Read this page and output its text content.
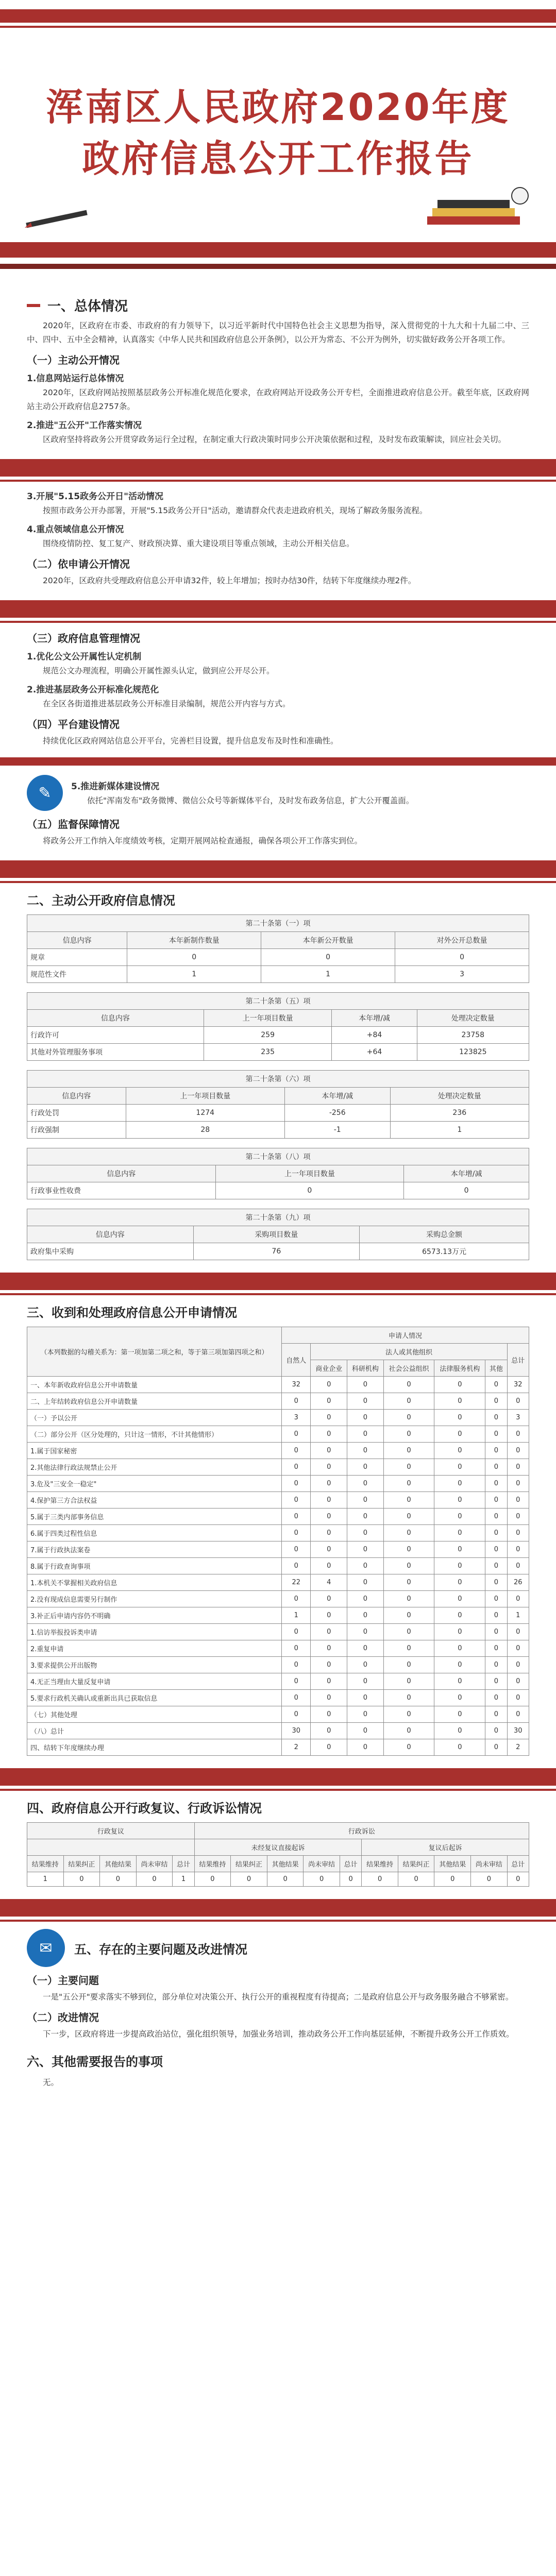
浑南区人民政府2020年度
政府信息公开工作报告
一、总体情况

2020年，区政府在市委、市政府的有力领导下，以习近平新时代中国特色社会主义思想为指导，深入贯彻党的十九大和十九届二中、三中、四中、五中全会精神，认真落实《中华人民共和国政府信息公开条例》，以公开为常态、不公开为例外，切实做好政务公开各项工作。

（一）主动公开情况
1.信息网站运行总体情况

2020年，区政府网站按照基层政务公开标准化规范化要求，在政府网站开设政务公开专栏，全面推进政府信息公开。截至年底，区政府网站主动公开政府信息2757条。

2.推进"五公开"工作落实情况

区政府坚持将政务公开贯穿政务运行全过程，在制定重大行政决策时同步公开决策依据和过程，及时发布政策解读，回应社会关切。

3.开展"5.15政务公开日"活动情况

按照市政务公开办部署，开展"5.15政务公开日"活动，邀请群众代表走进政府机关，现场了解政务服务流程。

4.重点领域信息公开情况

围绕疫情防控、复工复产、财政预决算、重大建设项目等重点领域，主动公开相关信息。

（二）依申请公开情况

2020年，区政府共受理政府信息公开申请32件，较上年增加；按时办结30件，结转下年度继续办理2件。

（三）政府信息管理情况
1.优化公文公开属性认定机制

规范公文办理流程，明确公开属性源头认定，做到应公开尽公开。

2.推进基层政务公开标准化规范化

在全区各街道推进基层政务公开标准目录编制，规范公开内容与方式。

（四）平台建设情况

持续优化区政府网站信息公开平台，完善栏目设置，提升信息发布及时性和准确性。

✎	5.推进新媒体建设情况

依托"浑南发布"政务微博、微信公众号等新媒体平台，及时发布政务信息，扩大公开覆盖面。

（五）监督保障情况

将政务公开工作纳入年度绩效考核，定期开展网站检查通报，确保各项公开工作落实到位。

二、主动公开政府信息情况
第二十条第（一）项			
信息内容	本年新制作数量	本年新公开数量	对外公开总数量
规章	0	0	0
规范性文件	1	1	3
第二十条第（五）项			
信息内容	上一年项目数量	本年增/减	处理决定数量
行政许可	259	+84	23758
其他对外管理服务事项	235	+64	123825
第二十条第（六）项			
信息内容	上一年项目数量	本年增/减	处理决定数量
行政处罚	1274	-256	236
行政强制	28	-1	1
第二十条第（八）项		
信息内容	上一年项目数量	本年增/减
行政事业性收费	0	0
第二十条第（九）项		
信息内容	采购项目数量	采购总金额
政府集中采购	76	6573.13万元
三、收到和处理政府信息公开申请情况
（本列数据的勾稽关系为：第一项加第二项之和，等于第三项加第四项之和）	申请人情况						
	自然人	法人或其他组织					总计
		商业企业	科研机构	社会公益组织	法律服务机构	其他	
一、本年新收政府信息公开申请数量	32	0	0	0	0	0	32
二、上年结转政府信息公开申请数量	0	0	0	0	0	0	0
（一）予以公开	3	0	0	0	0	0	3
（二）部分公开（区分处理的，只计这一情形，不计其他情形）	0	0	0	0	0	0	0
1.属于国家秘密	0	0	0	0	0	0	0
2.其他法律行政法规禁止公开	0	0	0	0	0	0	0
3.危及"三安全一稳定"	0	0	0	0	0	0	0
4.保护第三方合法权益	0	0	0	0	0	0	0
5.属于三类内部事务信息	0	0	0	0	0	0	0
6.属于四类过程性信息	0	0	0	0	0	0	0
7.属于行政执法案卷	0	0	0	0	0	0	0
8.属于行政查询事项	0	0	0	0	0	0	0
1.本机关不掌握相关政府信息	22	4	0	0	0	0	26
2.没有现成信息需要另行制作	0	0	0	0	0	0	0
3.补正后申请内容仍不明确	1	0	0	0	0	0	1
1.信访举报投诉类申请	0	0	0	0	0	0	0
2.重复申请	0	0	0	0	0	0	0
3.要求提供公开出版物	0	0	0	0	0	0	0
4.无正当理由大量反复申请	0	0	0	0	0	0	0
5.要求行政机关确认或重新出具已获取信息	0	0	0	0	0	0	0
（七）其他处理	0	0	0	0	0	0	0
（八）总计	30	0	0	0	0	0	30
四、结转下年度继续办理	2	0	0	0	0	0	2
四、政府信息公开行政复议、行政诉讼情况
行政复议					行政诉讼									
					未经复议直接起诉					复议后起诉				
结果维持	结果纠正	其他结果	尚未审结	总计	结果维持	结果纠正	其他结果	尚未审结	总计	结果维持	结果纠正	其他结果	尚未审结	总计
1	0	0	0	1	0	0	0	0	0	0	0	0	0	0
✉	五、存在的主要问题及改进情况
（一）主要问题

一是"五公开"要求落实不够到位，部分单位对决策公开、执行公开的重视程度有待提高；二是政府信息公开与政务服务融合不够紧密。

（二）改进情况

下一步，区政府将进一步提高政治站位，强化组织领导，加强业务培训，推动政务公开工作向基层延伸，不断提升政务公开工作质效。

六、其他需要报告的事项

无。
